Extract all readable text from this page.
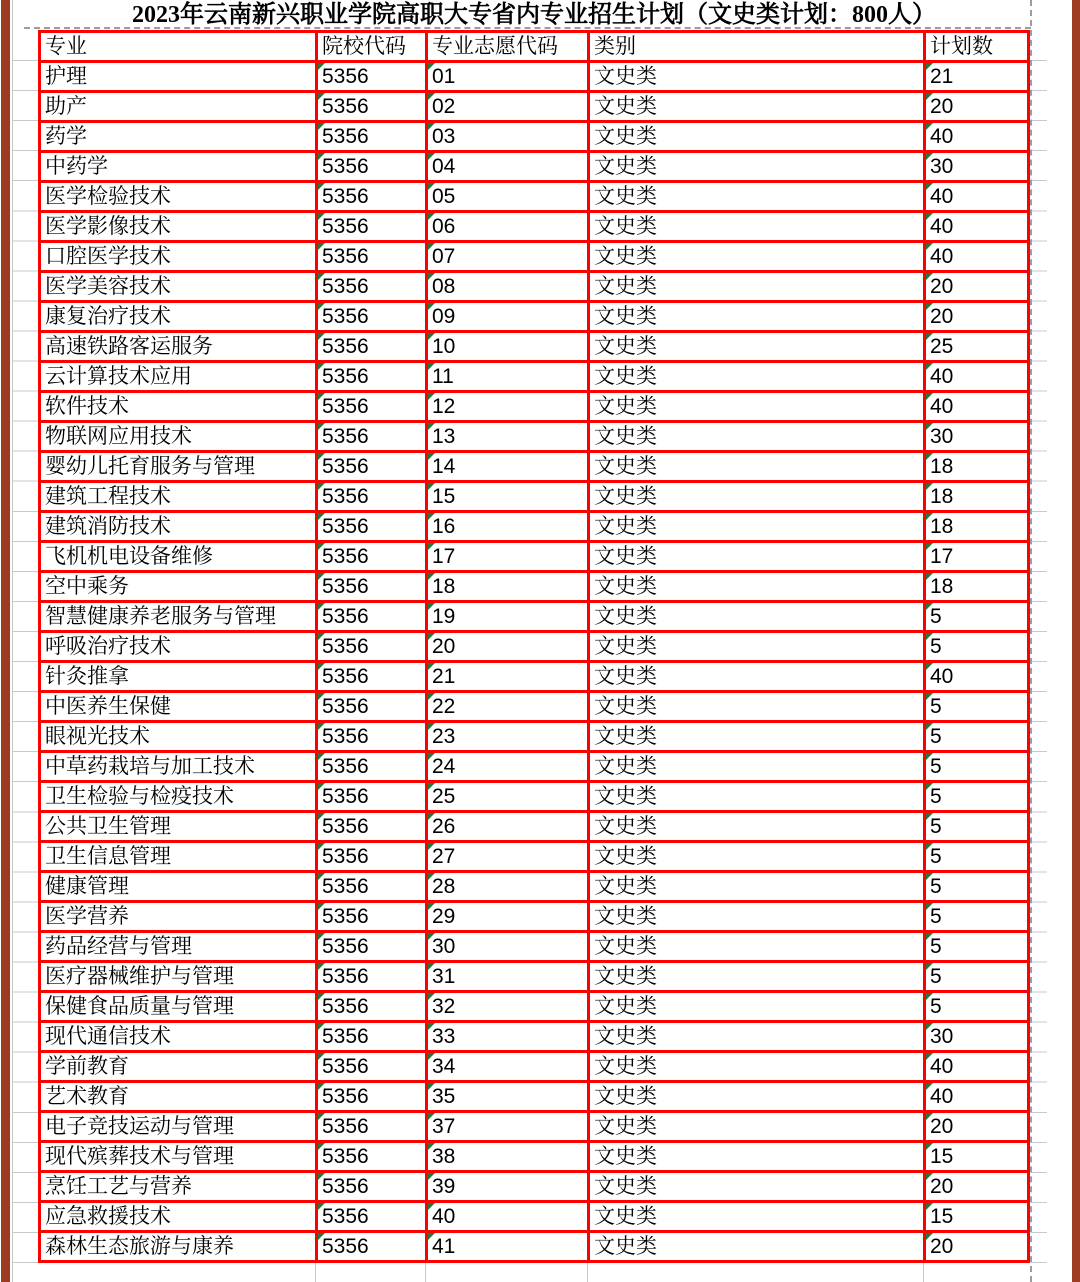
2023年云南新兴职业学院高职大专省内专业招生计划（文史类计划：800人）
专业	院校代码	专业志愿代码	类别	计划数
护理	5356	01	文史类	21
助产	5356	02	文史类	20
药学	5356	03	文史类	40
中药学	5356	04	文史类	30
医学检验技术	5356	05	文史类	40
医学影像技术	5356	06	文史类	40
口腔医学技术	5356	07	文史类	40
医学美容技术	5356	08	文史类	20
康复治疗技术	5356	09	文史类	20
高速铁路客运服务	5356	10	文史类	25
云计算技术应用	5356	11	文史类	40
软件技术	5356	12	文史类	40
物联网应用技术	5356	13	文史类	30
婴幼儿托育服务与管理	5356	14	文史类	18
建筑工程技术	5356	15	文史类	18
建筑消防技术	5356	16	文史类	18
飞机机电设备维修	5356	17	文史类	17
空中乘务	5356	18	文史类	18
智慧健康养老服务与管理	5356	19	文史类	5
呼吸治疗技术	5356	20	文史类	5
针灸推拿	5356	21	文史类	40
中医养生保健	5356	22	文史类	5
眼视光技术	5356	23	文史类	5
中草药栽培与加工技术	5356	24	文史类	5
卫生检验与检疫技术	5356	25	文史类	5
公共卫生管理	5356	26	文史类	5
卫生信息管理	5356	27	文史类	5
健康管理	5356	28	文史类	5
医学营养	5356	29	文史类	5
药品经营与管理	5356	30	文史类	5
医疗器械维护与管理	5356	31	文史类	5
保健食品质量与管理	5356	32	文史类	5
现代通信技术	5356	33	文史类	30
学前教育	5356	34	文史类	40
艺术教育	5356	35	文史类	40
电子竞技运动与管理	5356	37	文史类	20
现代殡葬技术与管理	5356	38	文史类	15
烹饪工艺与营养	5356	39	文史类	20
应急救援技术	5356	40	文史类	15
森林生态旅游与康养	5356	41	文史类	20
